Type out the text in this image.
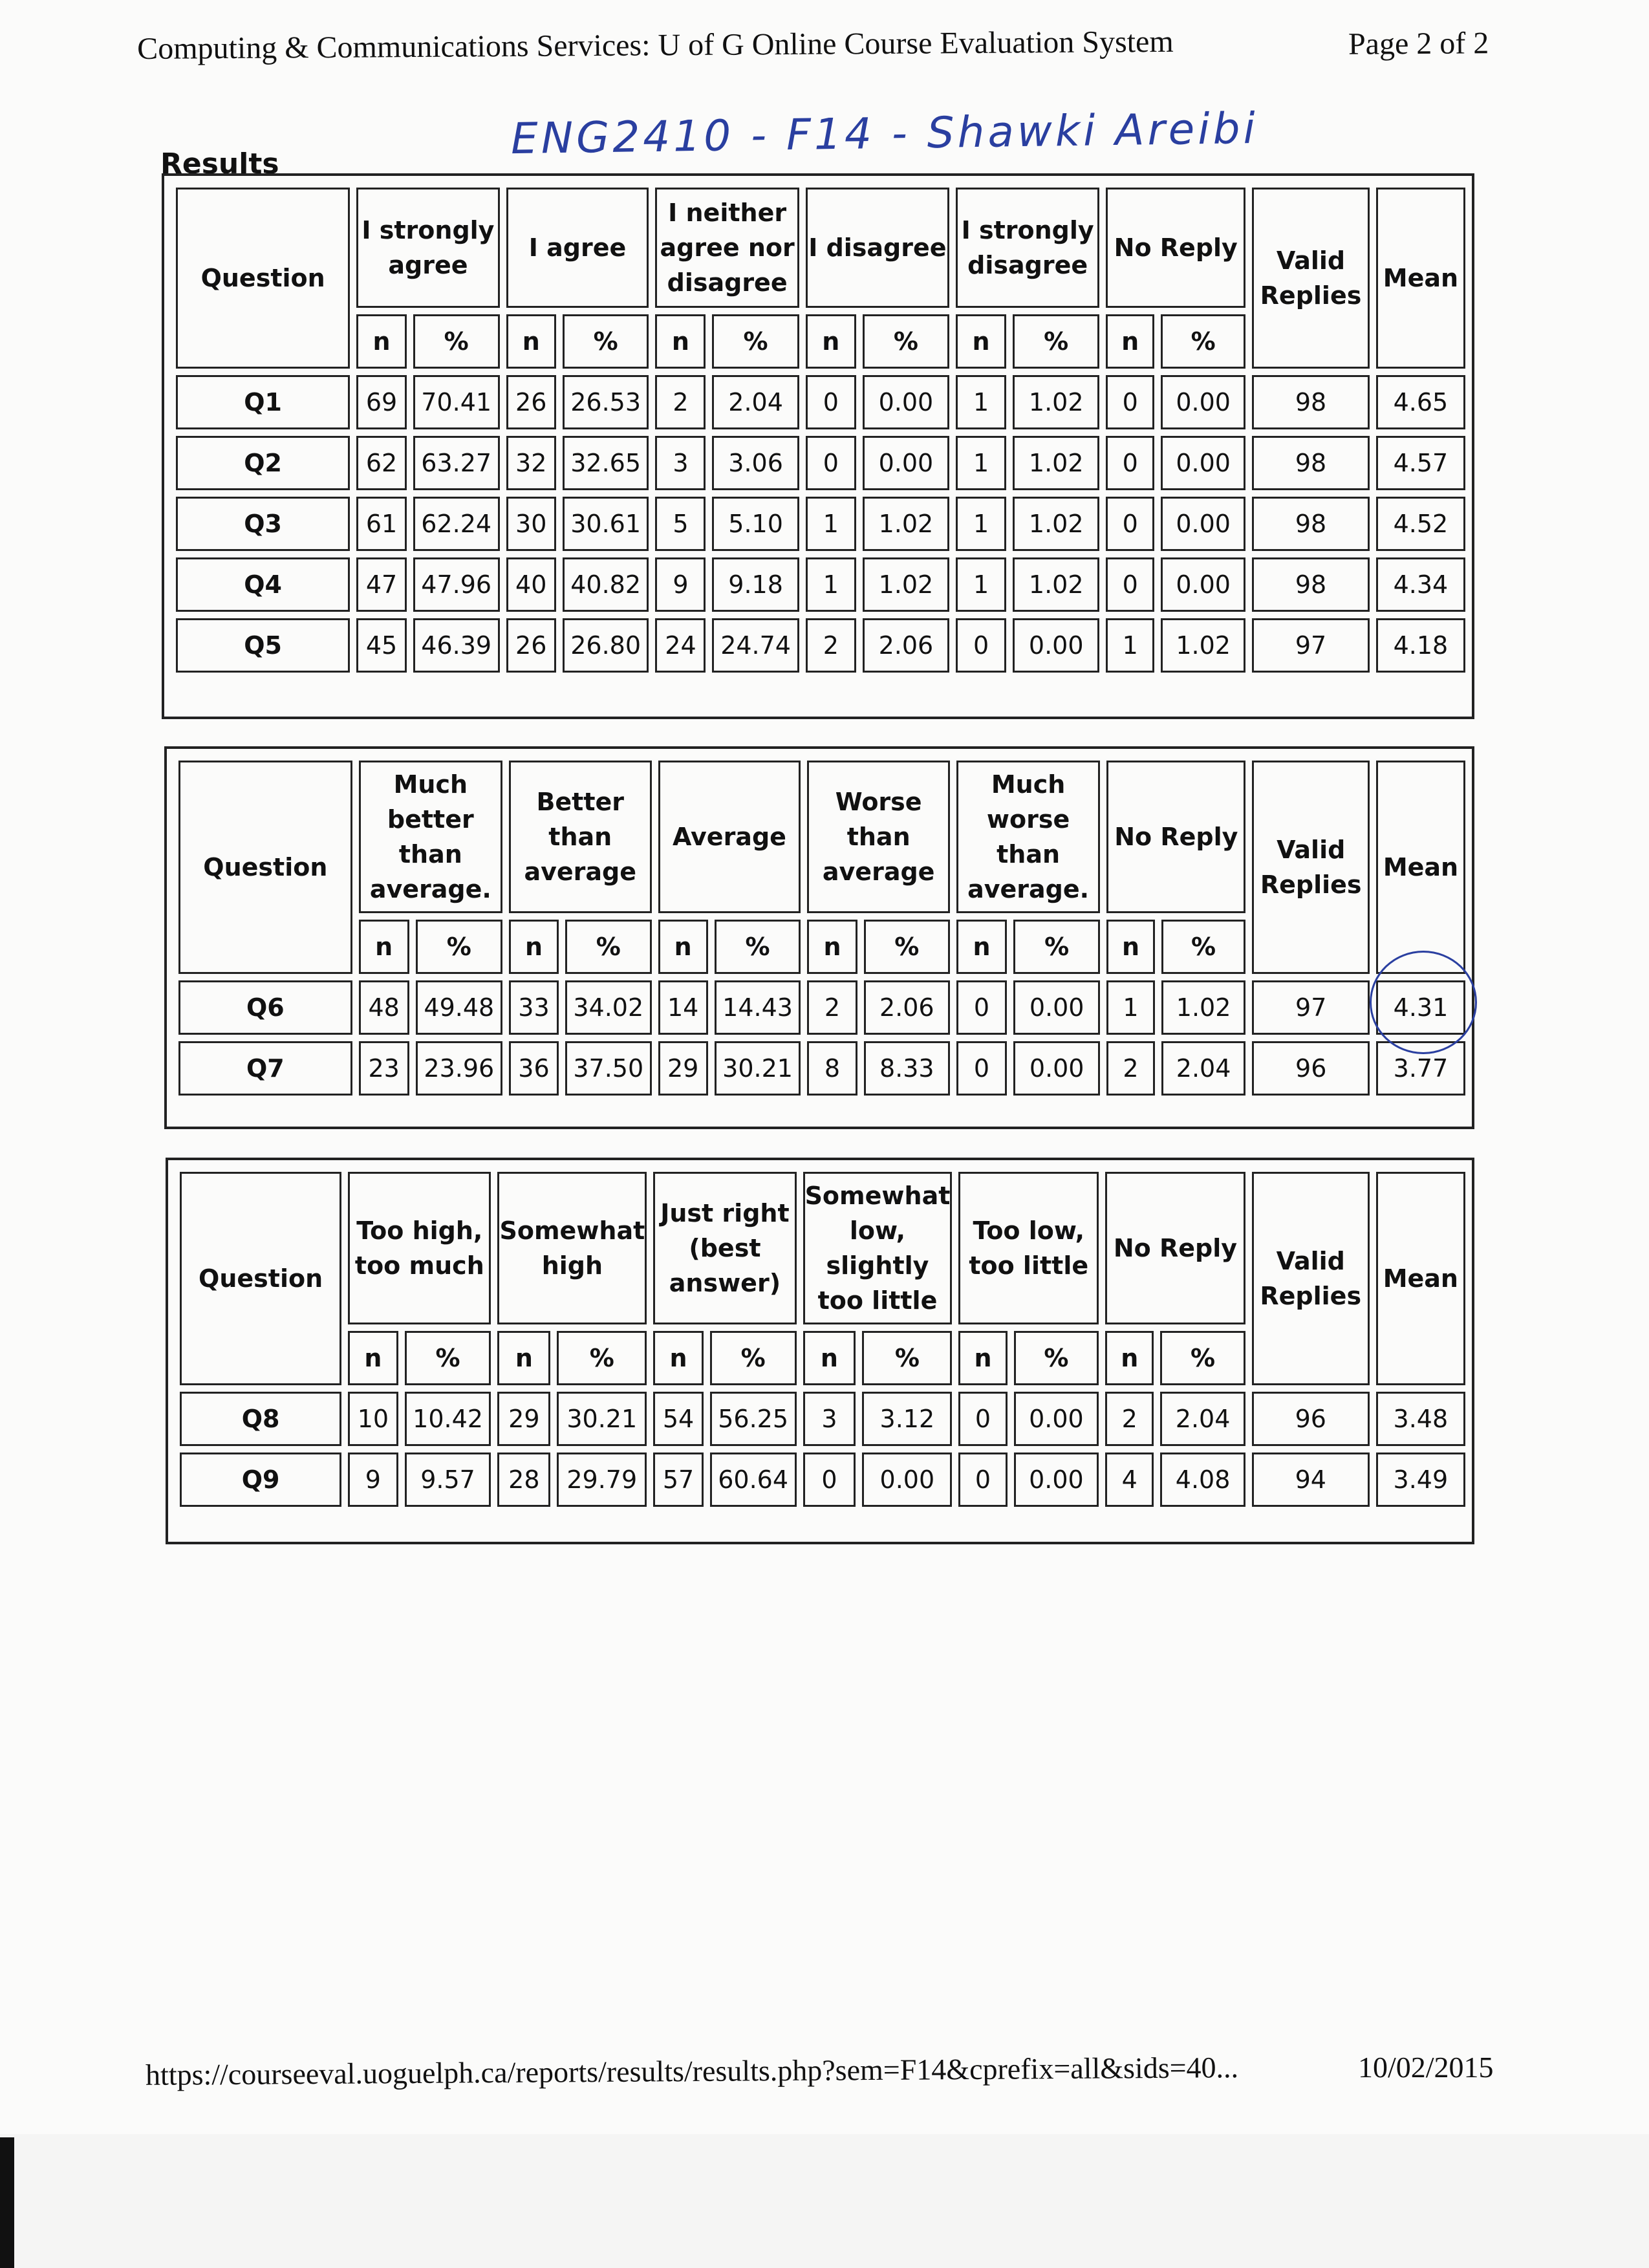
Computing & Communications Services: U of G Online Course Evaluation System	Page 2 of 2
ENG2410 - F14 - Shawki Areibi
Results
Question	I strongly agree		I agree		I neither agree nor disagree		I disagree		I strongly disagree		No Reply		Valid Replies	Mean
	n	%	n	%	n	%	n	%	n	%	n	%		
Q1	69	70.41	26	26.53	2	2.04	0	0.00	1	1.02	0	0.00	98	4.65
Q2	62	63.27	32	32.65	3	3.06	0	0.00	1	1.02	0	0.00	98	4.57
Q3	61	62.24	30	30.61	5	5.10	1	1.02	1	1.02	0	0.00	98	4.52
Q4	47	47.96	40	40.82	9	9.18	1	1.02	1	1.02	0	0.00	98	4.34
Q5	45	46.39	26	26.80	24	24.74	2	2.06	0	0.00	1	1.02	97	4.18
Question	Much better than average.		Better than average		Average		Worse than average		Much worse than average.		No Reply		Valid Replies	Mean
	n	%	n	%	n	%	n	%	n	%	n	%		
Q6	48	49.48	33	34.02	14	14.43	2	2.06	0	0.00	1	1.02	97	4.31
Q7	23	23.96	36	37.50	29	30.21	8	8.33	0	0.00	2	2.04	96	3.77
Question	Too high, too much		Somewhat high		Just right (best answer)		Somewhat low, slightly too little		Too low, too little		No Reply		Valid Replies	Mean
	n	%	n	%	n	%	n	%	n	%	n	%		
Q8	10	10.42	29	30.21	54	56.25	3	3.12	0	0.00	2	2.04	96	3.48
Q9	9	9.57	28	29.79	57	60.64	0	0.00	0	0.00	4	4.08	94	3.49
https://courseeval.uoguelph.ca/reports/results/results.php?sem=F14&cprefix=all&sids=40...	10/02/2015
